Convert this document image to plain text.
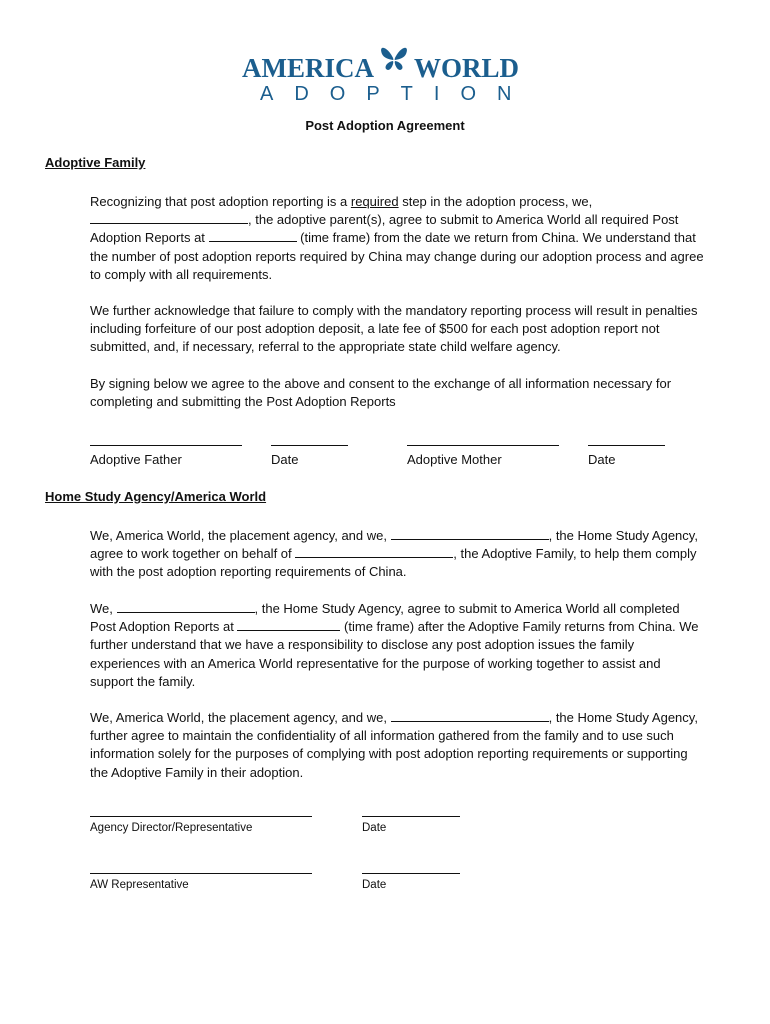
AMERICA WORLD
ADOPTION
Post Adoption Agreement
Adoptive Family
Recognizing that post adoption reporting is a required step in the adoption process, we,
, the adoptive parent(s), agree to submit to America World all required Post Adoption Reports at	(time frame) from the date we return from China. We understand that the number of post adoption reports required by China may change during our adoption process and agree to comply with all requirements.
We further acknowledge that failure to comply with the mandatory reporting process will result in penalties including forfeiture of our post adoption deposit, a late fee of $500 for each post adoption report not submitted, and, if necessary, referral to the appropriate state child welfare agency.
By signing below we agree to the above and consent to the exchange of all information necessary for completing and submitting the Post Adoption Reports
Adoptive Father	Date	Adoptive Mother	Date
Home Study Agency/America World
We, America World, the placement agency, and we,	, the Home Study Agency, agree to work together on behalf of	, the Adoptive Family, to help them comply with the post adoption reporting requirements of China.
We,	, the Home Study Agency, agree to submit to America World all completed Post Adoption Reports at	(time frame) after the Adoptive Family returns from China. We further understand that we have a responsibility to disclose any post adoption issues the family experiences with an America World representative for the purpose of working together to assist and support the family.
We, America World, the placement agency, and we,	, the Home Study Agency, further agree to maintain the confidentiality of all information gathered from the family and to use such information solely for the purposes of complying with post adoption reporting requirements or supporting the Adoptive Family in their adoption.
Agency Director/Representative	Date
AW Representative	Date
